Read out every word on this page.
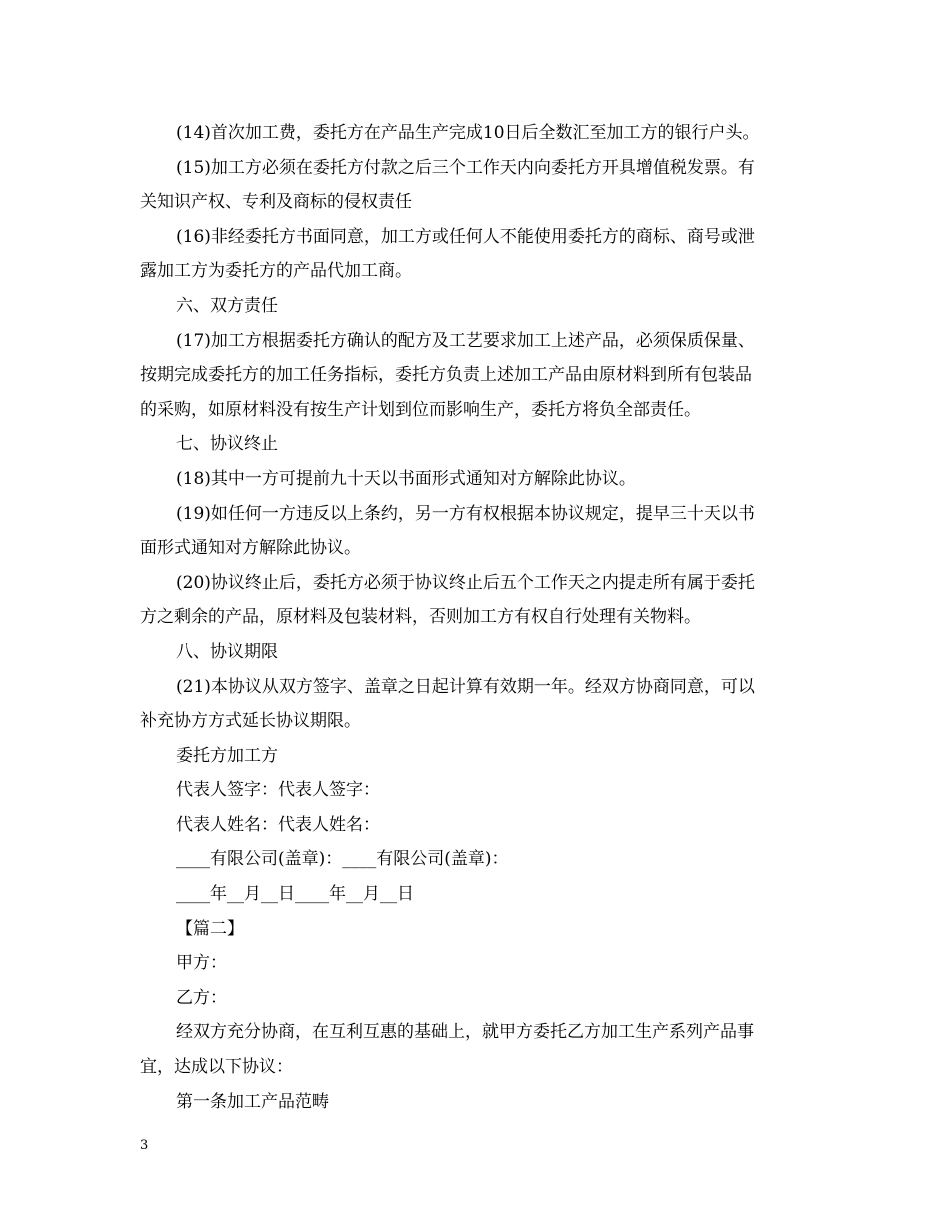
(14)首次加工费，委托方在产品生产完成10日后全数汇至加工方的银行户头。
(15)加工方必须在委托方付款之后三个工作天内向委托方开具增值税发票。有
关知识产权、专利及商标的侵权责任
(16)非经委托方书面同意，加工方或任何人不能使用委托方的商标、商号或泄
露加工方为委托方的产品代加工商。
六、双方责任
(17)加工方根据委托方确认的配方及工艺要求加工上述产品，必须保质保量、
按期完成委托方的加工任务指标，委托方负责上述加工产品由原材料到所有包装品
的采购，如原材料没有按生产计划到位而影响生产，委托方将负全部责任。
七、协议终止
(18)其中一方可提前九十天以书面形式通知对方解除此协议。
(19)如任何一方违反以上条约，另一方有权根据本协议规定，提早三十天以书
面形式通知对方解除此协议。
(20)协议终止后，委托方必须于协议终止后五个工作天之内提走所有属于委托
方之剩余的产品，原材料及包装材料，否则加工方有权自行处理有关物料。
八、协议期限
(21)本协议从双方签字、盖章之日起计算有效期一年。经双方协商同意，可以
补充协方方式延长协议期限。
委托方加工方
代表人签字：代表人签字：
代表人姓名：代表人姓名：
____有限公司(盖章)：____有限公司(盖章)：
____年__月__日____年__月__日
【篇二】
甲方：
乙方：
经双方充分协商，在互利互惠的基础上，就甲方委托乙方加工生产系列产品事
宜，达成以下协议：
第一条加工产品范畴
3
